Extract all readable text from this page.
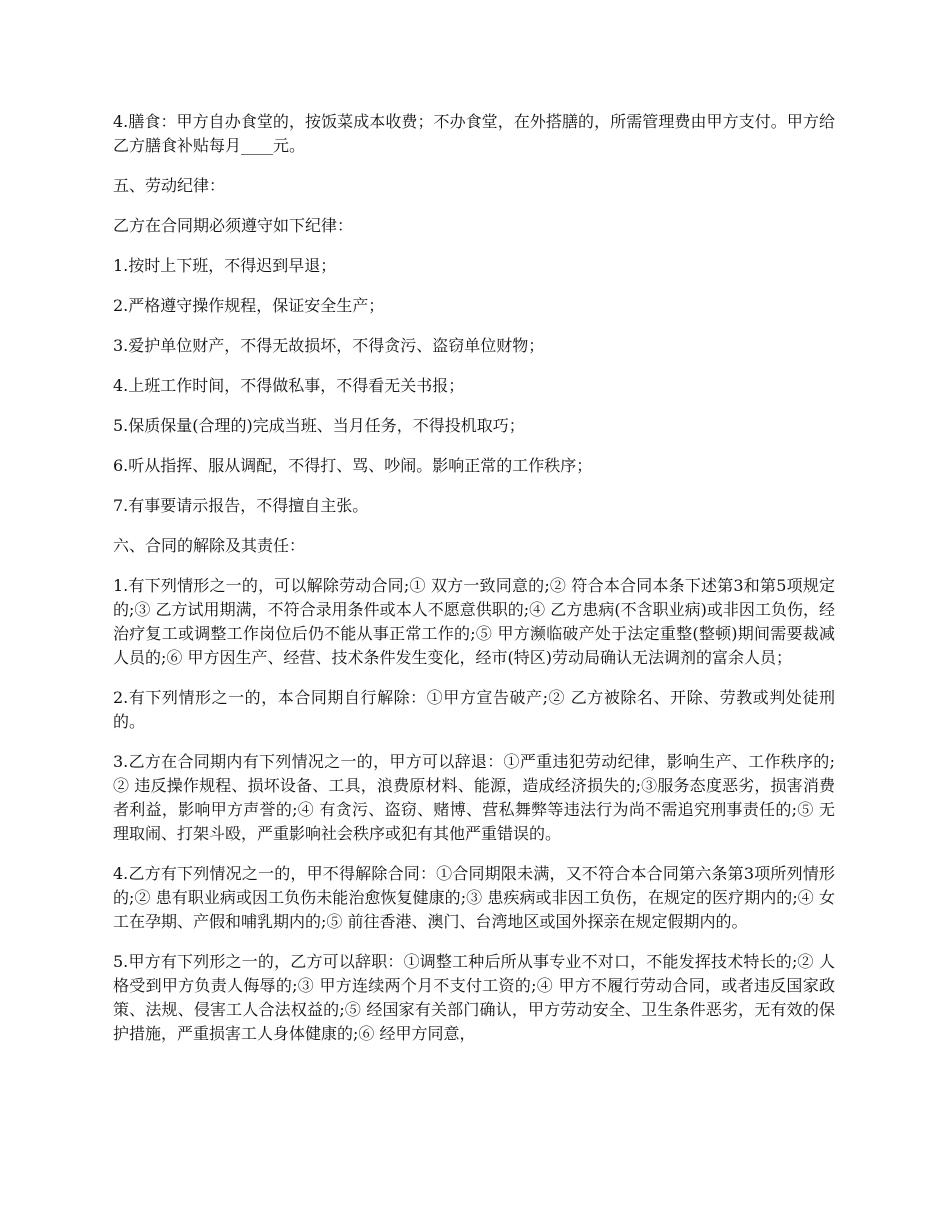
4.膳食：甲方自办食堂的，按饭菜成本收费；不办食堂，在外搭膳的，所需管理费由甲方支付。甲方给乙方膳食补贴每月____元。

五、劳动纪律：

乙方在合同期必须遵守如下纪律：

1.按时上下班，不得迟到早退；

2.严格遵守操作规程，保证安全生产；

3.爱护单位财产，不得无故损坏，不得贪污、盗窃单位财物；

4.上班工作时间，不得做私事，不得看无关书报；

5.保质保量(合理的)完成当班、当月任务，不得投机取巧；

6.听从指挥、服从调配，不得打、骂、吵闹。影响正常的工作秩序；

7.有事要请示报告，不得擅自主张。

六、合同的解除及其责任：

1.有下列情形之一的，可以解除劳动合同;① 双方一致同意的;② 符合本合同本条下述第3和第5项规定的;③ 乙方试用期满，不符合录用条件或本人不愿意供职的;④ 乙方患病(不含职业病)或非因工负伤，经治疗复工或调整工作岗位后仍不能从事正常工作的;⑤ 甲方濒临破产处于法定重整(整顿)期间需要裁减人员的;⑥ 甲方因生产、经营、技术条件发生变化，经市(特区)劳动局确认无法调剂的富余人员；

2.有下列情形之一的，本合同期自行解除：①甲方宣告破产;② 乙方被除名、开除、劳教或判处徒刑的。

3.乙方在合同期内有下列情况之一的，甲方可以辞退：①严重违犯劳动纪律，影响生产、工作秩序的;② 违反操作规程、损坏设备、工具，浪费原材料、能源，造成经济损失的;③服务态度恶劣，损害消费者利益，影响甲方声誉的;④ 有贪污、盗窃、赌博、营私舞弊等违法行为尚不需追究刑事责任的;⑤ 无理取闹、打架斗殴，严重影响社会秩序或犯有其他严重错误的。

4.乙方有下列情况之一的，甲不得解除合同：①合同期限未满，又不符合本合同第六条第3项所列情形的;② 患有职业病或因工负伤未能治愈恢复健康的;③ 患疾病或非因工负伤，在规定的医疗期内的;④ 女工在孕期、产假和哺乳期内的;⑤ 前往香港、澳门、台湾地区或国外探亲在规定假期内的。

5.甲方有下列形之一的，乙方可以辞职：①调整工种后所从事专业不对口，不能发挥技术特长的;② 人格受到甲方负责人侮辱的;③ 甲方连续两个月不支付工资的;④ 甲方不履行劳动合同，或者违反国家政策、法规、侵害工人合法权益的;⑤ 经国家有关部门确认，甲方劳动安全、卫生条件恶劣，无有效的保护措施，严重损害工人身体健康的;⑥ 经甲方同意，
